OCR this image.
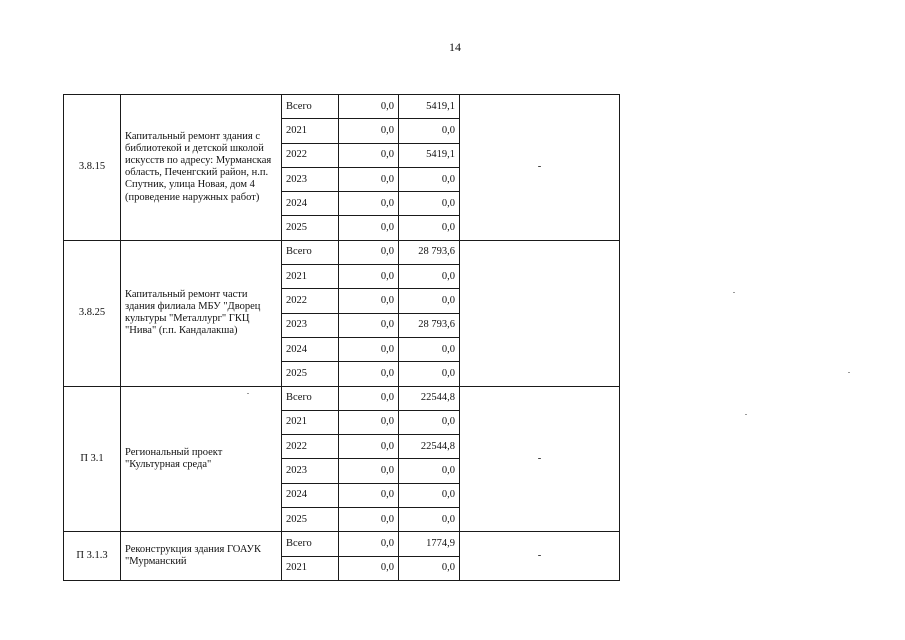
14
3.8.15	Капитальный ремонт здания с библиотекой и детской школой искусств по адресу: Мурманская область, Печенгский район, н.п. Спутник, улица Новая, дом 4 (проведение наружных работ)	Всего	0,0	5419,1	-
		2021	0,0	0,0	
		2022	0,0	5419,1	
		2023	0,0	0,0	
		2024	0,0	0,0	
		2025	0,0	0,0	
3.8.25	Капитальный ремонт части здания филиала МБУ "Дворец культуры "Металлург" ГКЦ "Нива" (г.п. Кандалакша)	Всего	0,0	28 793,6	
		2021	0,0	0,0	
		2022	0,0	0,0	
		2023	0,0	28 793,6	
		2024	0,0	0,0	
		2025	0,0	0,0	
П 3.1	Региональный проект "Культурная среда"	Всего	0,0	22544,8	-
		2021	0,0	0,0	
		2022	0,0	22544,8	
		2023	0,0	0,0	
		2024	0,0	0,0	
		2025	0,0	0,0	
П 3.1.3	Реконструкция здания ГОАУК "Мурманский	Всего	0,0	1774,9	-
		2021	0,0	0,0	
